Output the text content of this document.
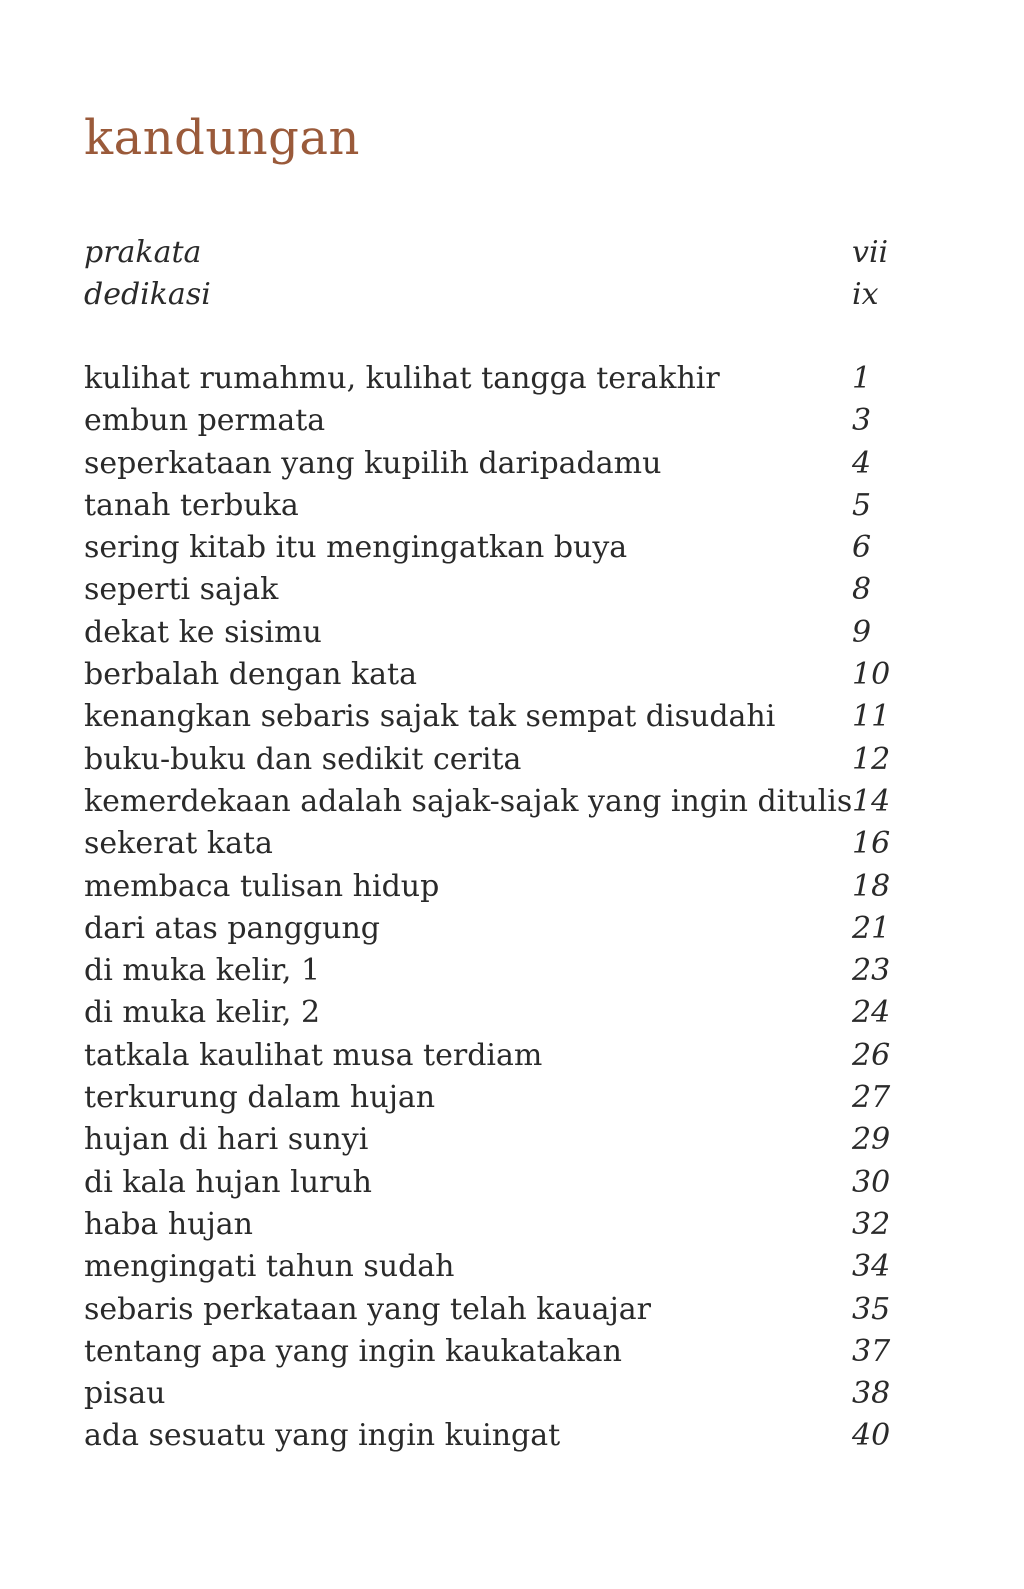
kandungan
prakata	vii
dedikasi	ix
kulihat rumahmu, kulihat tangga terakhir	1
embun permata	3
seperkataan yang kupilih daripadamu	4
tanah terbuka	5
sering kitab itu mengingatkan buya	6
seperti sajak	8
dekat ke sisimu	9
berbalah dengan kata	10
kenangkan sebaris sajak tak sempat disudahi	11
buku-buku dan sedikit cerita	12
kemerdekaan adalah sajak-sajak yang ingin ditulis 14
sekerat kata	16
membaca tulisan hidup	18
dari atas panggung	21
di muka kelir, 1	23
di muka kelir, 2	24
tatkala kaulihat musa terdiam	26
terkurung dalam hujan	27
hujan di hari sunyi	29
di kala hujan luruh	30
haba hujan	32
mengingati tahun sudah	34
sebaris perkataan yang telah kauajar	35
tentang apa yang ingin kaukatakan	37
pisau	38
ada sesuatu yang ingin kuingat	40
